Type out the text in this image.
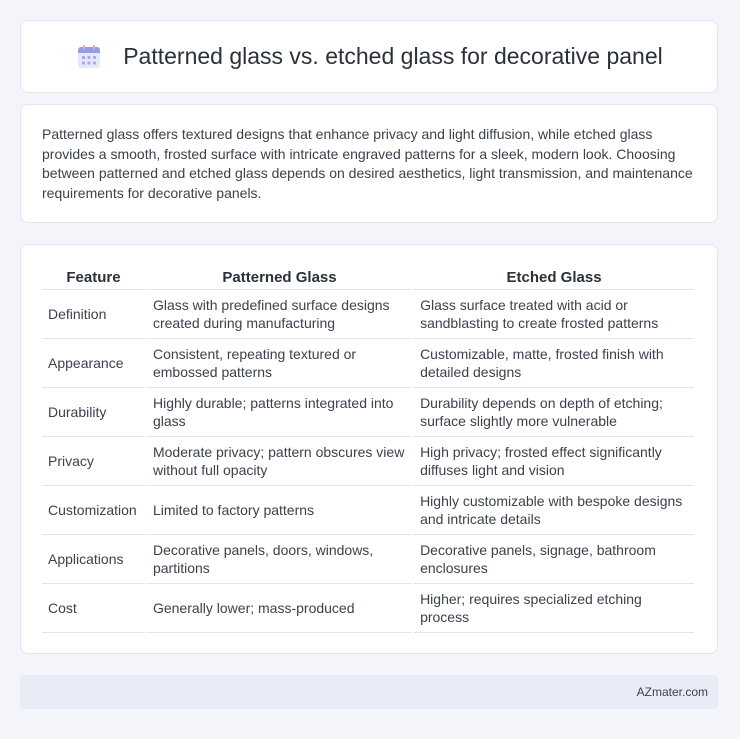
Patterned glass vs. etched glass for decorative panel

Patterned glass offers textured designs that enhance privacy and light diffusion, while etched glass provides a smooth, frosted surface with intricate engraved patterns for a sleek, modern look. Choosing between patterned and etched glass depends on desired aesthetics, light transmission, and maintenance requirements for decorative panels.

Feature	Patterned Glass	Etched Glass
Definition	Glass with predefined surface designs created during manufacturing	Glass surface treated with acid or sandblasting to create frosted patterns
Appearance	Consistent, repeating textured or embossed patterns	Customizable, matte, frosted finish with detailed designs
Durability	Highly durable; patterns integrated into glass	Durability depends on depth of etching; surface slightly more vulnerable
Privacy	Moderate privacy; pattern obscures view without full opacity	High privacy; frosted effect significantly diffuses light and vision
Customization	Limited to factory patterns	Highly customizable with bespoke designs and intricate details
Applications	Decorative panels, doors, windows, partitions	Decorative panels, signage, bathroom enclosures
Cost	Generally lower; mass-produced	Higher; requires specialized etching process
AZmater.com
